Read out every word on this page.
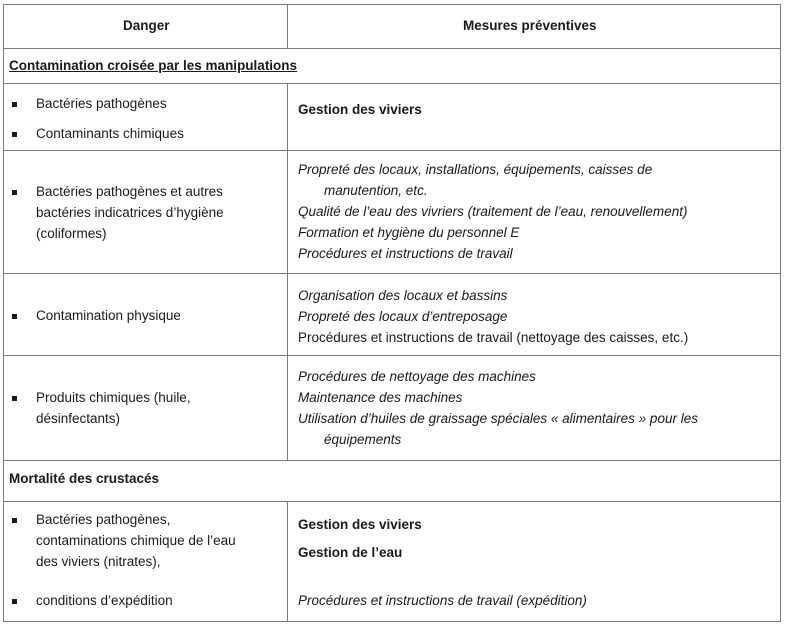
Danger	Mesures préventives
Contamination croisée par les manipulations
Bactéries pathogènes
Contaminants chimiques
Gestion des viviers
Bactéries pathogènes et autres
bactéries indicatrices d’hygiène
(coliformes)
Propreté des locaux, installations, équipements, caisses de
manutention, etc.
Qualité de l’eau des vivriers (traitement de l’eau, renouvellement)
Formation et hygiène du personnel E
Procédures et instructions de travail
Contamination physique
Organisation des locaux et bassins
Propreté des locaux d’entreposage
Procédures et instructions de travail (nettoyage des caisses, etc.)
Produits chimiques (huile,
désinfectants)
Procédures de nettoyage des machines
Maintenance des machines
Utilisation d’huiles de graissage spéciales « alimentaires » pour les
équipements
Mortalité des crustacés
Bactéries pathogènes,
contaminations chimique de l’eau
des viviers (nitrates),
conditions d’expédition
Gestion des viviers
Gestion de l’eau
Procédures et instructions de travail (expédition)
